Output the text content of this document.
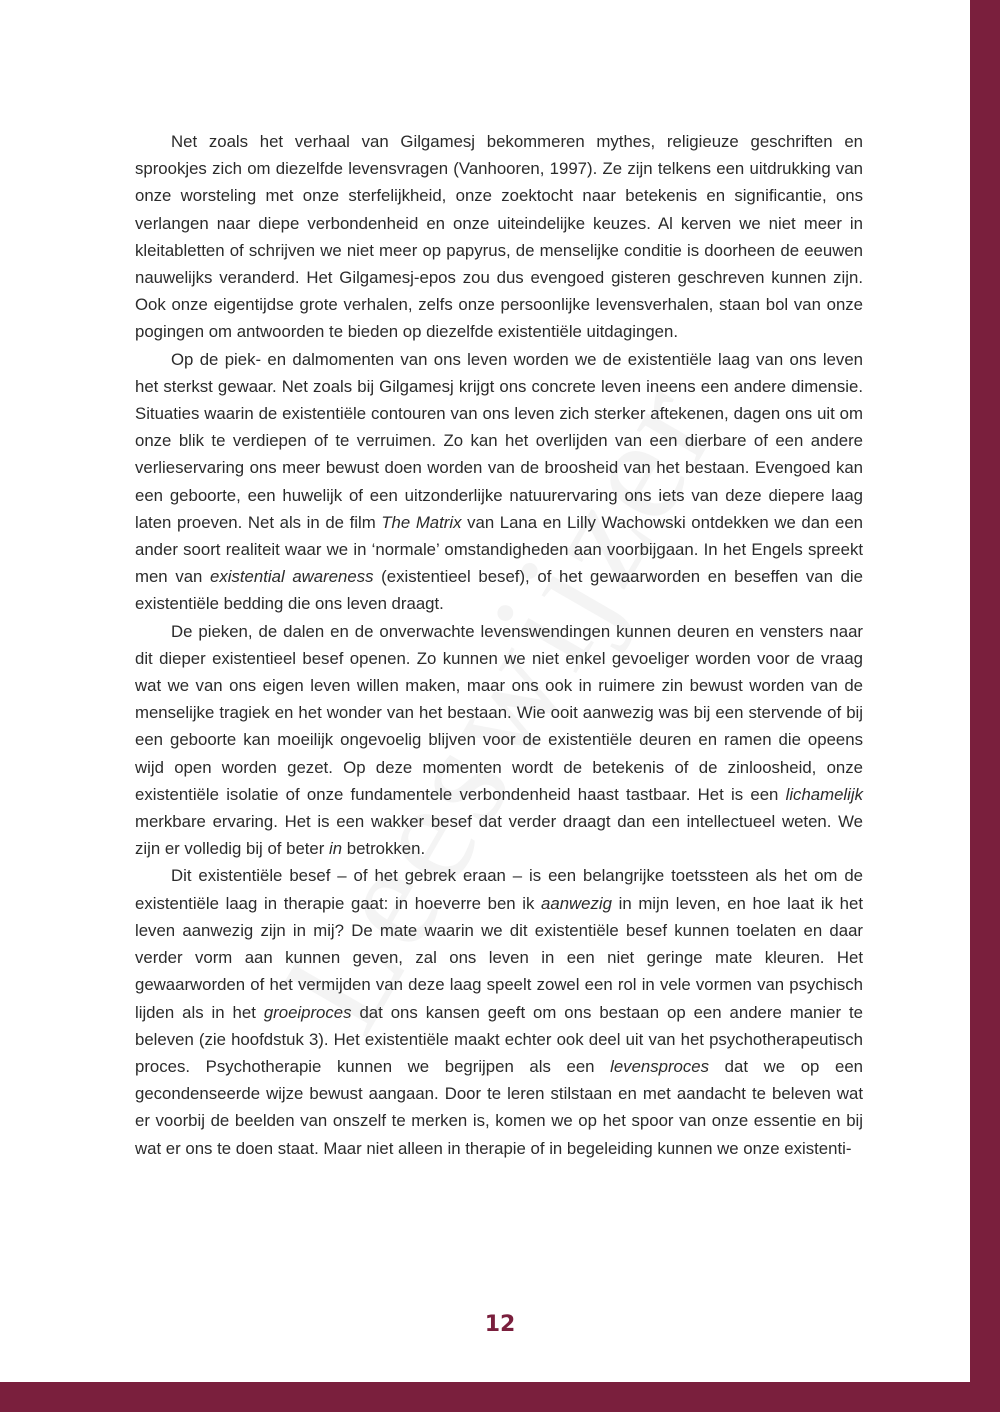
Net zoals het verhaal van Gilgamesj bekommeren mythes, religieuze geschriften en sprookjes zich om diezelfde levensvragen (Vanhooren, 1997). Ze zijn telkens een uitdrukking van onze worsteling met onze sterfelijkheid, onze zoektocht naar betekenis en significantie, ons verlangen naar diepe verbondenheid en onze uiteindelijke keuzes. Al kerven we niet meer in kleitabletten of schrijven we niet meer op papyrus, de menselijke conditie is doorheen de eeuwen nauwelijks veranderd. Het Gilgamesj-epos zou dus evengoed gisteren geschreven kunnen zijn. Ook onze eigentijdse grote verhalen, zelfs onze persoonlijke levensverhalen, staan bol van onze pogingen om antwoorden te bieden op diezelfde existentiële uitdagingen.

Op de piek- en dalmomenten van ons leven worden we de existentiële laag van ons leven het sterkst gewaar. Net zoals bij Gilgamesj krijgt ons concrete leven ineens een andere dimensie. Situaties waarin de existentiële contouren van ons leven zich sterker aftekenen, dagen ons uit om onze blik te verdiepen of te verruimen. Zo kan het overlijden van een dierbare of een andere verlieservaring ons meer bewust doen worden van de broosheid van het bestaan. Evengoed kan een geboorte, een huwelijk of een uitzonderlijke natuurervaring ons iets van deze diepere laag laten proeven. Net als in de film The Matrix van Lana en Lilly Wachowski ontdekken we dan een ander soort realiteit waar we in ‘normale’ omstandigheden aan voorbijgaan. In het Engels spreekt men van existential awareness (existentieel besef), of het gewaarworden en beseffen van die existentiële bedding die ons leven draagt.

De pieken, de dalen en de onverwachte levenswendingen kunnen deuren en vensters naar dit dieper existentieel besef openen. Zo kunnen we niet enkel gevoeliger worden voor de vraag wat we van ons eigen leven willen maken, maar ons ook in ruimere zin bewust worden van de menselijke tragiek en het wonder van het bestaan. Wie ooit aanwezig was bij een stervende of bij een geboorte kan moeilijk ongevoelig blijven voor de existentiële deuren en ramen die opeens wijd open worden gezet. Op deze momenten wordt de betekenis of de zinloosheid, onze existentiële isolatie of onze fundamentele verbondenheid haast tastbaar. Het is een lichamelijk merkbare ervaring. Het is een wakker besef dat verder draagt dan een intellectueel weten. We zijn er volledig bij of beter in betrokken.

Dit existentiële besef – of het gebrek eraan – is een belangrijke toetssteen als het om de existentiële laag in therapie gaat: in hoeverre ben ik aanwezig in mijn leven, en hoe laat ik het leven aanwezig zijn in mij? De mate waarin we dit existentiële besef kunnen toelaten en daar verder vorm aan kunnen geven, zal ons leven in een niet geringe mate kleuren. Het gewaarworden of het vermijden van deze laag speelt zowel een rol in vele vormen van psychisch lijden als in het groeiproces dat ons kansen geeft om ons bestaan op een andere manier te beleven (zie hoofdstuk 3). Het existentiële maakt echter ook deel uit van het psychotherapeutisch proces. Psychotherapie kunnen we begrijpen als een levensproces dat we op een gecondenseerde wijze bewust aangaan. Door te leren stilstaan en met aandacht te beleven wat er voorbij de beelden van onszelf te merken is, komen we op het spoor van onze essentie en bij wat er ons te doen staat. Maar niet alleen in therapie of in begeleiding kunnen we onze existenti-

12
